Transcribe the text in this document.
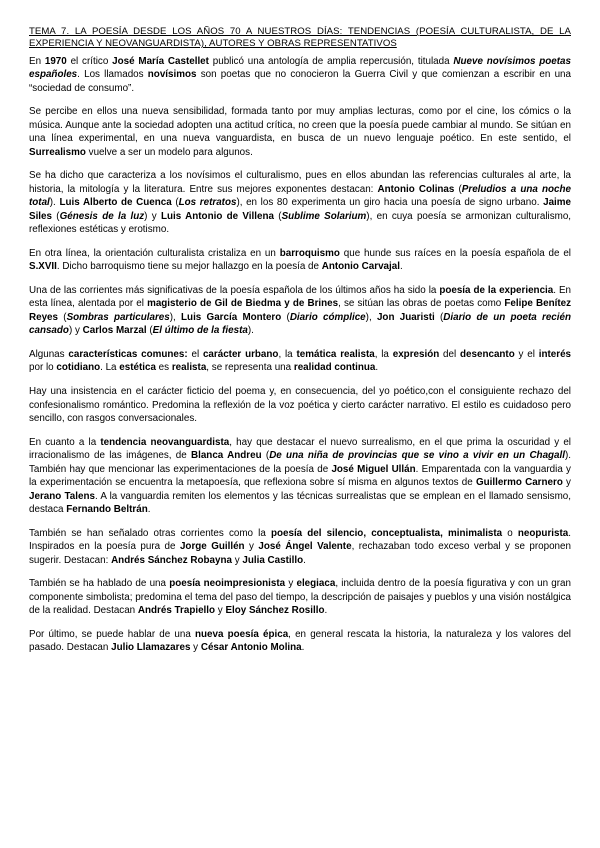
TEMA 7. LA POESÍA DESDE LOS AÑOS 70 A NUESTROS DÍAS: TENDENCIAS (POESÍA CULTURALISTA, DE LA EXPERIENCIA Y NEOVANGUARDISTA), AUTORES Y OBRAS REPRESENTATIVOS

En 1970 el crítico José María Castellet publicó una antología de amplia repercusión, titulada Nueve novísimos poetas españoles. Los llamados novísimos son poetas que no conocieron la Guerra Civil y que comienzan a escribir en una “sociedad de consumo”.

Se percibe en ellos una nueva sensibilidad, formada tanto por muy amplias lecturas, como por el cine, los cómics o la música. Aunque ante la sociedad adopten una actitud crítica, no creen que la poesía puede cambiar al mundo. Se sitúan en una línea experimental, en una nueva vanguardista, en busca de un nuevo lenguaje poético. En este sentido, el Surrealismo vuelve a ser un modelo para algunos.

Se ha dicho que caracteriza a los novísimos el culturalismo, pues en ellos abundan las referencias culturales al arte, la historia, la mitología y la literatura. Entre sus mejores exponentes destacan: Antonio Colinas (Preludios a una noche total). Luis Alberto de Cuenca (Los retratos), en los 80 experimenta un giro hacia una poesía de signo urbano. Jaime Siles (Génesis de la luz) y Luis Antonio de Villena (Sublime Solarium), en cuya poesía se armonizan culturalismo, reflexiones estéticas y erotismo.

En otra línea, la orientación culturalista cristaliza en un barroquismo que hunde sus raíces en la poesía española de el S.XVII. Dicho barroquismo tiene su mejor hallazgo en la poesía de Antonio Carvajal.

Una de las corrientes más significativas de la poesía española de los últimos años ha sido la poesía de la experiencia. En esta línea, alentada por el magisterio de Gil de Biedma y de Brines, se sitúan las obras de poetas como Felipe Benítez Reyes (Sombras particulares), Luis García Montero (Diario cómplice), Jon Juaristi (Diario de un poeta recién cansado) y Carlos Marzal (El último de la fiesta).

Algunas características comunes: el carácter urbano, la temática realista, la expresión del desencanto y el interés por lo cotidiano. La estética es realista, se representa una realidad continua.

Hay una insistencia en el carácter ficticio del poema y, en consecuencia, del yo poético,con el consiguiente rechazo del confesionalismo romántico. Predomina la reflexión de la voz poética y cierto carácter narrativo. El estilo es cuidadoso pero sencillo, con rasgos conversacionales.

En cuanto a la tendencia neovanguardista, hay que destacar el nuevo surrealismo, en el que prima la oscuridad y el irracionalismo de las imágenes, de Blanca Andreu (De una niña de provincias que se vino a vivir en un Chagall). También hay que mencionar las experimentaciones de la poesía de José Miguel Ullán. Emparentada con la vanguardia y la experimentación se encuentra la metapoesía, que reflexiona sobre sí misma en algunos textos de Guillermo Carnero y Jerano Talens. A la vanguardia remiten los elementos y las técnicas surrealistas que se emplean en el llamado sensismo, destaca Fernando Beltrán.

También se han señalado otras corrientes como la poesía del silencio, conceptualista, minimalista o neopurista. Inspirados en la poesía pura de Jorge Guillén y José Ángel Valente, rechazaban todo exceso verbal y se proponen sugerir. Destacan: Andrés Sánchez Robayna y Julia Castillo.

También se ha hablado de una poesía neoimpresionista y elegiaca, incluida dentro de la poesía figurativa y con un gran componente simbolista; predomina el tema del paso del tiempo, la descripción de paisajes y pueblos y una visión nostálgica de la realidad. Destacan Andrés Trapiello y Eloy Sánchez Rosillo.

Por último, se puede hablar de una nueva poesía épica, en general rescata la historia, la naturaleza y los valores del pasado. Destacan Julio Llamazares y César Antonio Molina.
